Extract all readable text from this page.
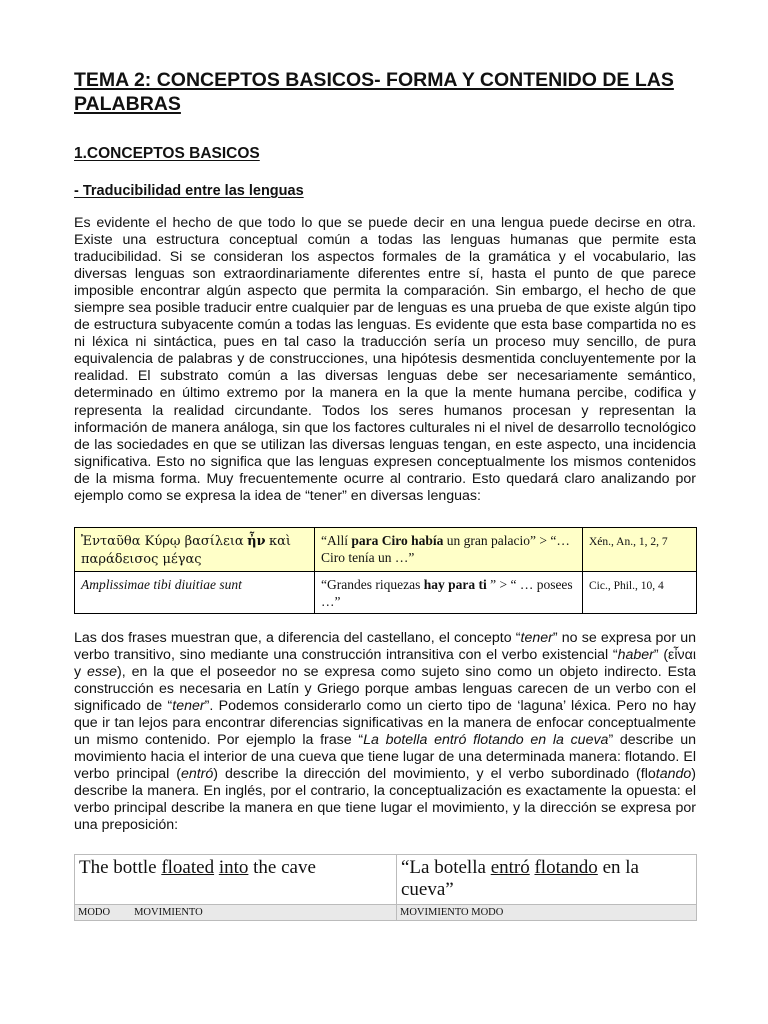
TEMA 2: CONCEPTOS BASICOS- FORMA Y CONTENIDO DE LAS PALABRAS
1.CONCEPTOS BASICOS
- Traducibilidad entre las lenguas

Es evidente el hecho de que todo lo que se puede decir en una lengua puede decirse en otra. Existe una estructura conceptual común a todas las lenguas humanas que permite esta traducibilidad. Si se consideran los aspectos formales de la gramática y el vocabulario, las diversas lenguas son extraordinariamente diferentes entre sí, hasta el punto de que parece imposible encontrar algún aspecto que permita la comparación. Sin embargo, el hecho de que siempre sea posible traducir entre cualquier par de lenguas es una prueba de que existe algún tipo de estructura subyacente común a todas las lenguas. Es evidente que esta base compartida no es ni léxica ni sintáctica, pues en tal caso la traducción sería un proceso muy sencillo, de pura equivalencia de palabras y de construcciones, una hipótesis desmentida concluyentemente por la realidad. El substrato común a las diversas lenguas debe ser necesariamente semántico, determinado en último extremo por la manera en la que la mente humana percibe, codifica y representa la realidad circundante. Todos los seres humanos procesan y representan la información de manera análoga, sin que los factores culturales ni el nivel de desarrollo tecnológico de las sociedades en que se utilizan las diversas lenguas tengan, en este aspecto, una incidencia significativa. Esto no significa que las lenguas expresen conceptualmente los mismos contenidos de la misma forma. Muy frecuentemente ocurre al contrario. Esto quedará claro analizando por ejemplo como se expresa la idea de “tener” en diversas lenguas:

Ἐνταῦθα Κύρῳ βασίλεια ἦν καὶ παράδεισος μέγας	“Allí para Ciro había un gran palacio” > “… Ciro tenía un …”	Xén., An., 1, 2, 7
Amplissimae tibi diuitiae sunt	“Grandes riquezas hay para ti ” > “ … posees …”	Cic., Phil., 10, 4

Las dos frases muestran que, a diferencia del castellano, el concepto “tener” no se expresa por un verbo transitivo, sino mediante una construcción intransitiva con el verbo existencial “haber” (εἶναι y esse), en la que el poseedor no se expresa como sujeto sino como un objeto indirecto. Esta construcción es necesaria en Latín y Griego porque ambas lenguas carecen de un verbo con el significado de “tener”. Podemos considerarlo como un cierto tipo de ‘laguna’ léxica. Pero no hay que ir tan lejos para encontrar diferencias significativas en la manera de enfocar conceptualmente un mismo contenido. Por ejemplo la frase “La botella entró flotando en la cueva” describe un movimiento hacia el interior de una cueva que tiene lugar de una determinada manera: flotando. El verbo principal (entró) describe la dirección del movimiento, y el verbo subordinado (flotando) describe la manera. En inglés, por el contrario, la conceptualización es exactamente la opuesta: el verbo principal describe la manera en que tiene lugar el movimiento, y la dirección se expresa por una preposición:

The bottle floated into the cave	“La botella entró flotando en la cueva”
MODO MOVIMIENTO	MOVIMIENTO MODO
